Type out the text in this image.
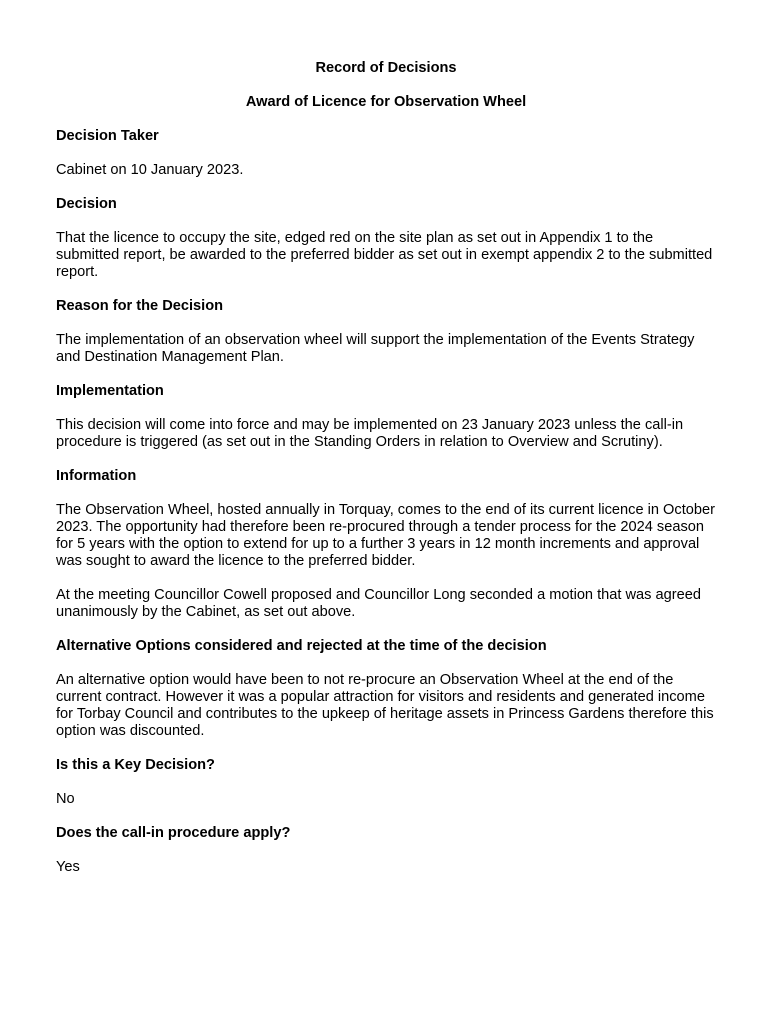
Record of Decisions
Award of Licence for Observation Wheel
Decision Taker
Cabinet on 10 January 2023.
Decision
That the licence to occupy the site, edged red on the site plan as set out in Appendix 1 to the submitted report, be awarded to the preferred bidder as set out in exempt appendix 2 to the submitted report.
Reason for the Decision
The implementation of an observation wheel will support the implementation of the Events Strategy and Destination Management Plan.
Implementation
This decision will come into force and may be implemented on 23 January 2023 unless the call-in procedure is triggered (as set out in the Standing Orders in relation to Overview and Scrutiny).
Information
The Observation Wheel, hosted annually in Torquay, comes to the end of its current licence in October 2023. The opportunity had therefore been re-procured through a tender process for the 2024 season for 5 years with the option to extend for up to a further 3 years in 12 month increments and approval was sought to award the licence to the preferred bidder.
At the meeting Councillor Cowell proposed and Councillor Long seconded a motion that was agreed unanimously by the Cabinet, as set out above.
Alternative Options considered and rejected at the time of the decision
An alternative option would have been to not re-procure an Observation Wheel at the end of the current contract. However it was a popular attraction for visitors and residents and generated income for Torbay Council and contributes to the upkeep of heritage assets in Princess Gardens therefore this option was discounted.
Is this a Key Decision?
No
Does the call-in procedure apply?
Yes
